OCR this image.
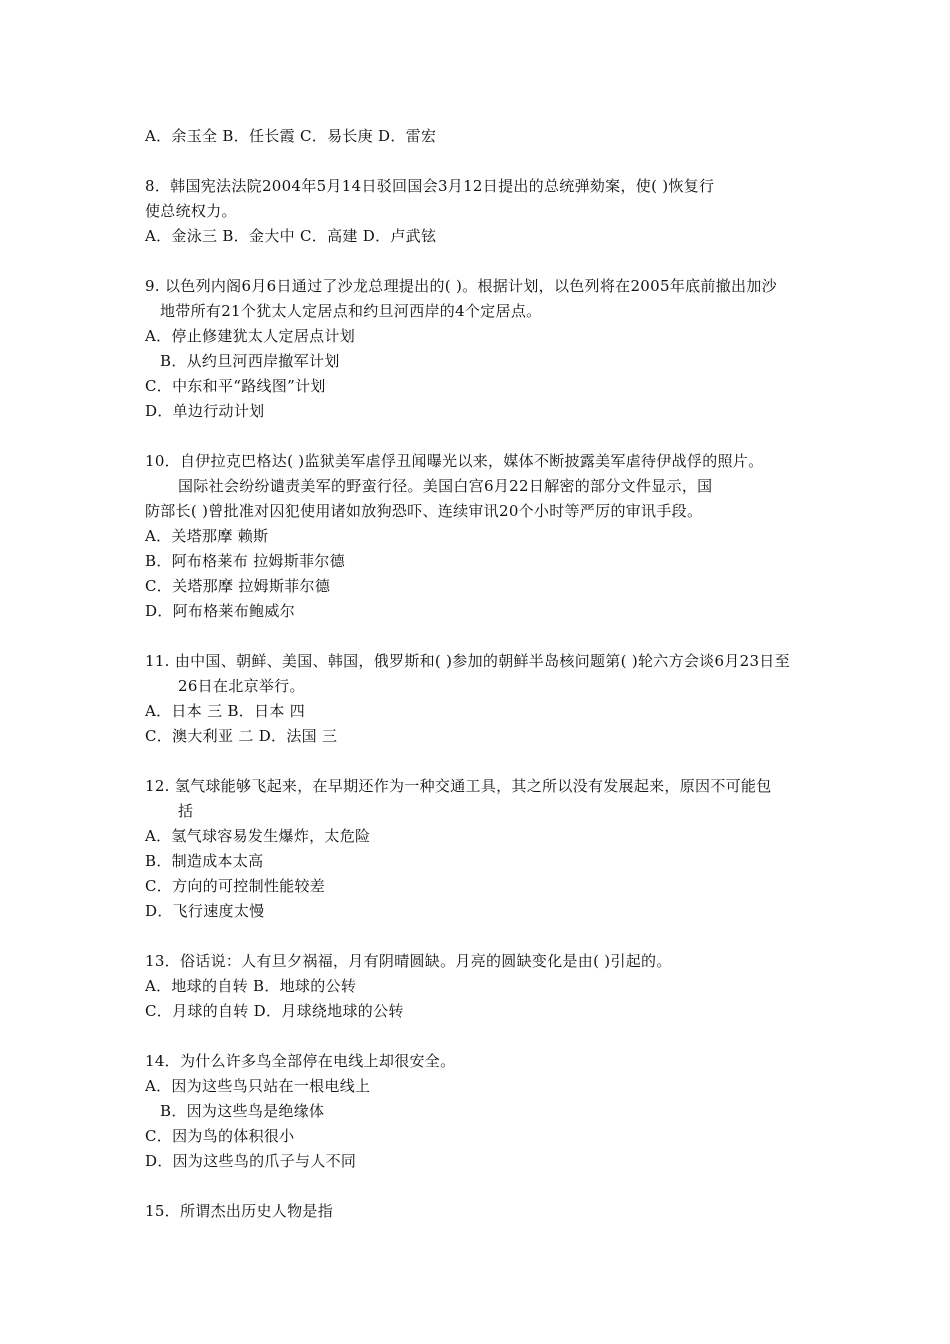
A．余玉全 B．任长霞 C．易长庚 D．雷宏
8．韩国宪法法院2004年5月14日驳回国会3月12日提出的总统弹劾案，使( )恢复行
使总统权力。
A．金泳三 B．金大中 C．高建 D．卢武铉
9. 以色列内阁6月6日通过了沙龙总理提出的( )。根据计划，以色列将在2005年底前撤出加沙
地带所有21个犹太人定居点和约旦河西岸的4个定居点。
A．停止修建犹太人定居点计划
B．从约旦河西岸撤军计划
C．中东和平“路线图”计划
D．单边行动计划
10．自伊拉克巴格达( )监狱美军虐俘丑闻曝光以来，媒体不断披露美军虐待伊战俘的照片。
国际社会纷纷谴责美军的野蛮行径。美国白宫6月22日解密的部分文件显示，国
防部长( )曾批准对囚犯使用诸如放狗恐吓、连续审讯20个小时等严厉的审讯手段。
A．关塔那摩 赖斯
B．阿布格莱布 拉姆斯菲尔德
C．关塔那摩 拉姆斯菲尔德
D．阿布格莱布鲍威尔
11. 由中国、朝鲜、美国、韩国，俄罗斯和( )参加的朝鲜半岛核问题第( )轮六方会谈6月23日至
26日在北京举行。
A．日本 三 B．日本 四
C．澳大利亚 二 D．法国 三
12. 氢气球能够飞起来，在早期还作为一种交通工具，其之所以没有发展起来，原因不可能包
括
A．氢气球容易发生爆炸，太危险
B．制造成本太高
C．方向的可控制性能较差
D．飞行速度太慢
13．俗话说：人有旦夕祸福，月有阴晴圆缺。月亮的圆缺变化是由( )引起的。
A．地球的自转 B．地球的公转
C．月球的自转 D．月球绕地球的公转
14．为什么许多鸟全部停在电线上却很安全。
A．因为这些鸟只站在一根电线上
B．因为这些鸟是绝缘体
C．因为鸟的体积很小
D．因为这些鸟的爪子与人不同
15．所谓杰出历史人物是指
